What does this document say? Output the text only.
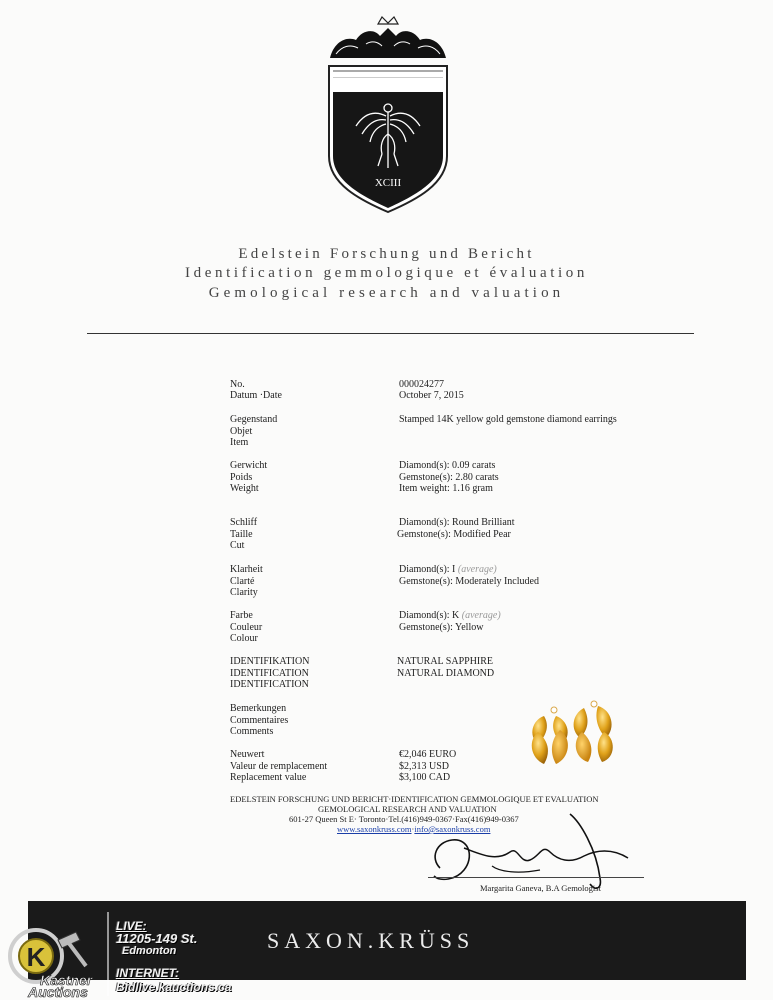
XCIII
Edelstein Forschung und Bericht
Identification gemmologique et évaluation
Gemological research and valuation
No.	000024277
Datum ·Date	October 7, 2015
Gegenstand
Objet
Item
Stamped 14K yellow gold gemstone diamond earrings
Gerwicht
Poids
Weight
Diamond(s): 0.09 carats
Gemstone(s): 2.80 carats
Item weight: 1.16 gram
Schliff
Taille
Cut
Diamond(s): Round Brilliant
Gemstone(s): Modified Pear
Klarheit
Clarté
Clarity
Diamond(s): I (average)
Gemstone(s): Moderately Included
Farbe
Couleur
Colour
Diamond(s): K (average)
Gemstone(s): Yellow
IDENTIFIKATION
IDENTIFICATION
IDENTIFICATION
NATURAL SAPPHIRE
NATURAL DIAMOND
Bemerkungen
Commentaires
Comments
Neuwert
Valeur de remplacement
Replacement value
€2,046 EURO
$2,313 USD
$3,100 CAD
EDELSTEIN FORSCHUNG UND BERICHT·IDENTIFICATION GEMMOLOGIQUE ET EVALUATION
GEMOLOGICAL RESEARCH AND VALUATION
601-27 Queen St E· Toronto·Tel.(416)949-0367·Fax(416)949-0367
www.saxonkruss.com·info@saxonkruss.com
Margarita Ganeva, B.A Gemologist
SAXON.KRÜSS
K
Kastner
Auctions
LIVE:
11205-149 St.
Edmonton
INTERNET:
Bidlive.kauctions.ca
